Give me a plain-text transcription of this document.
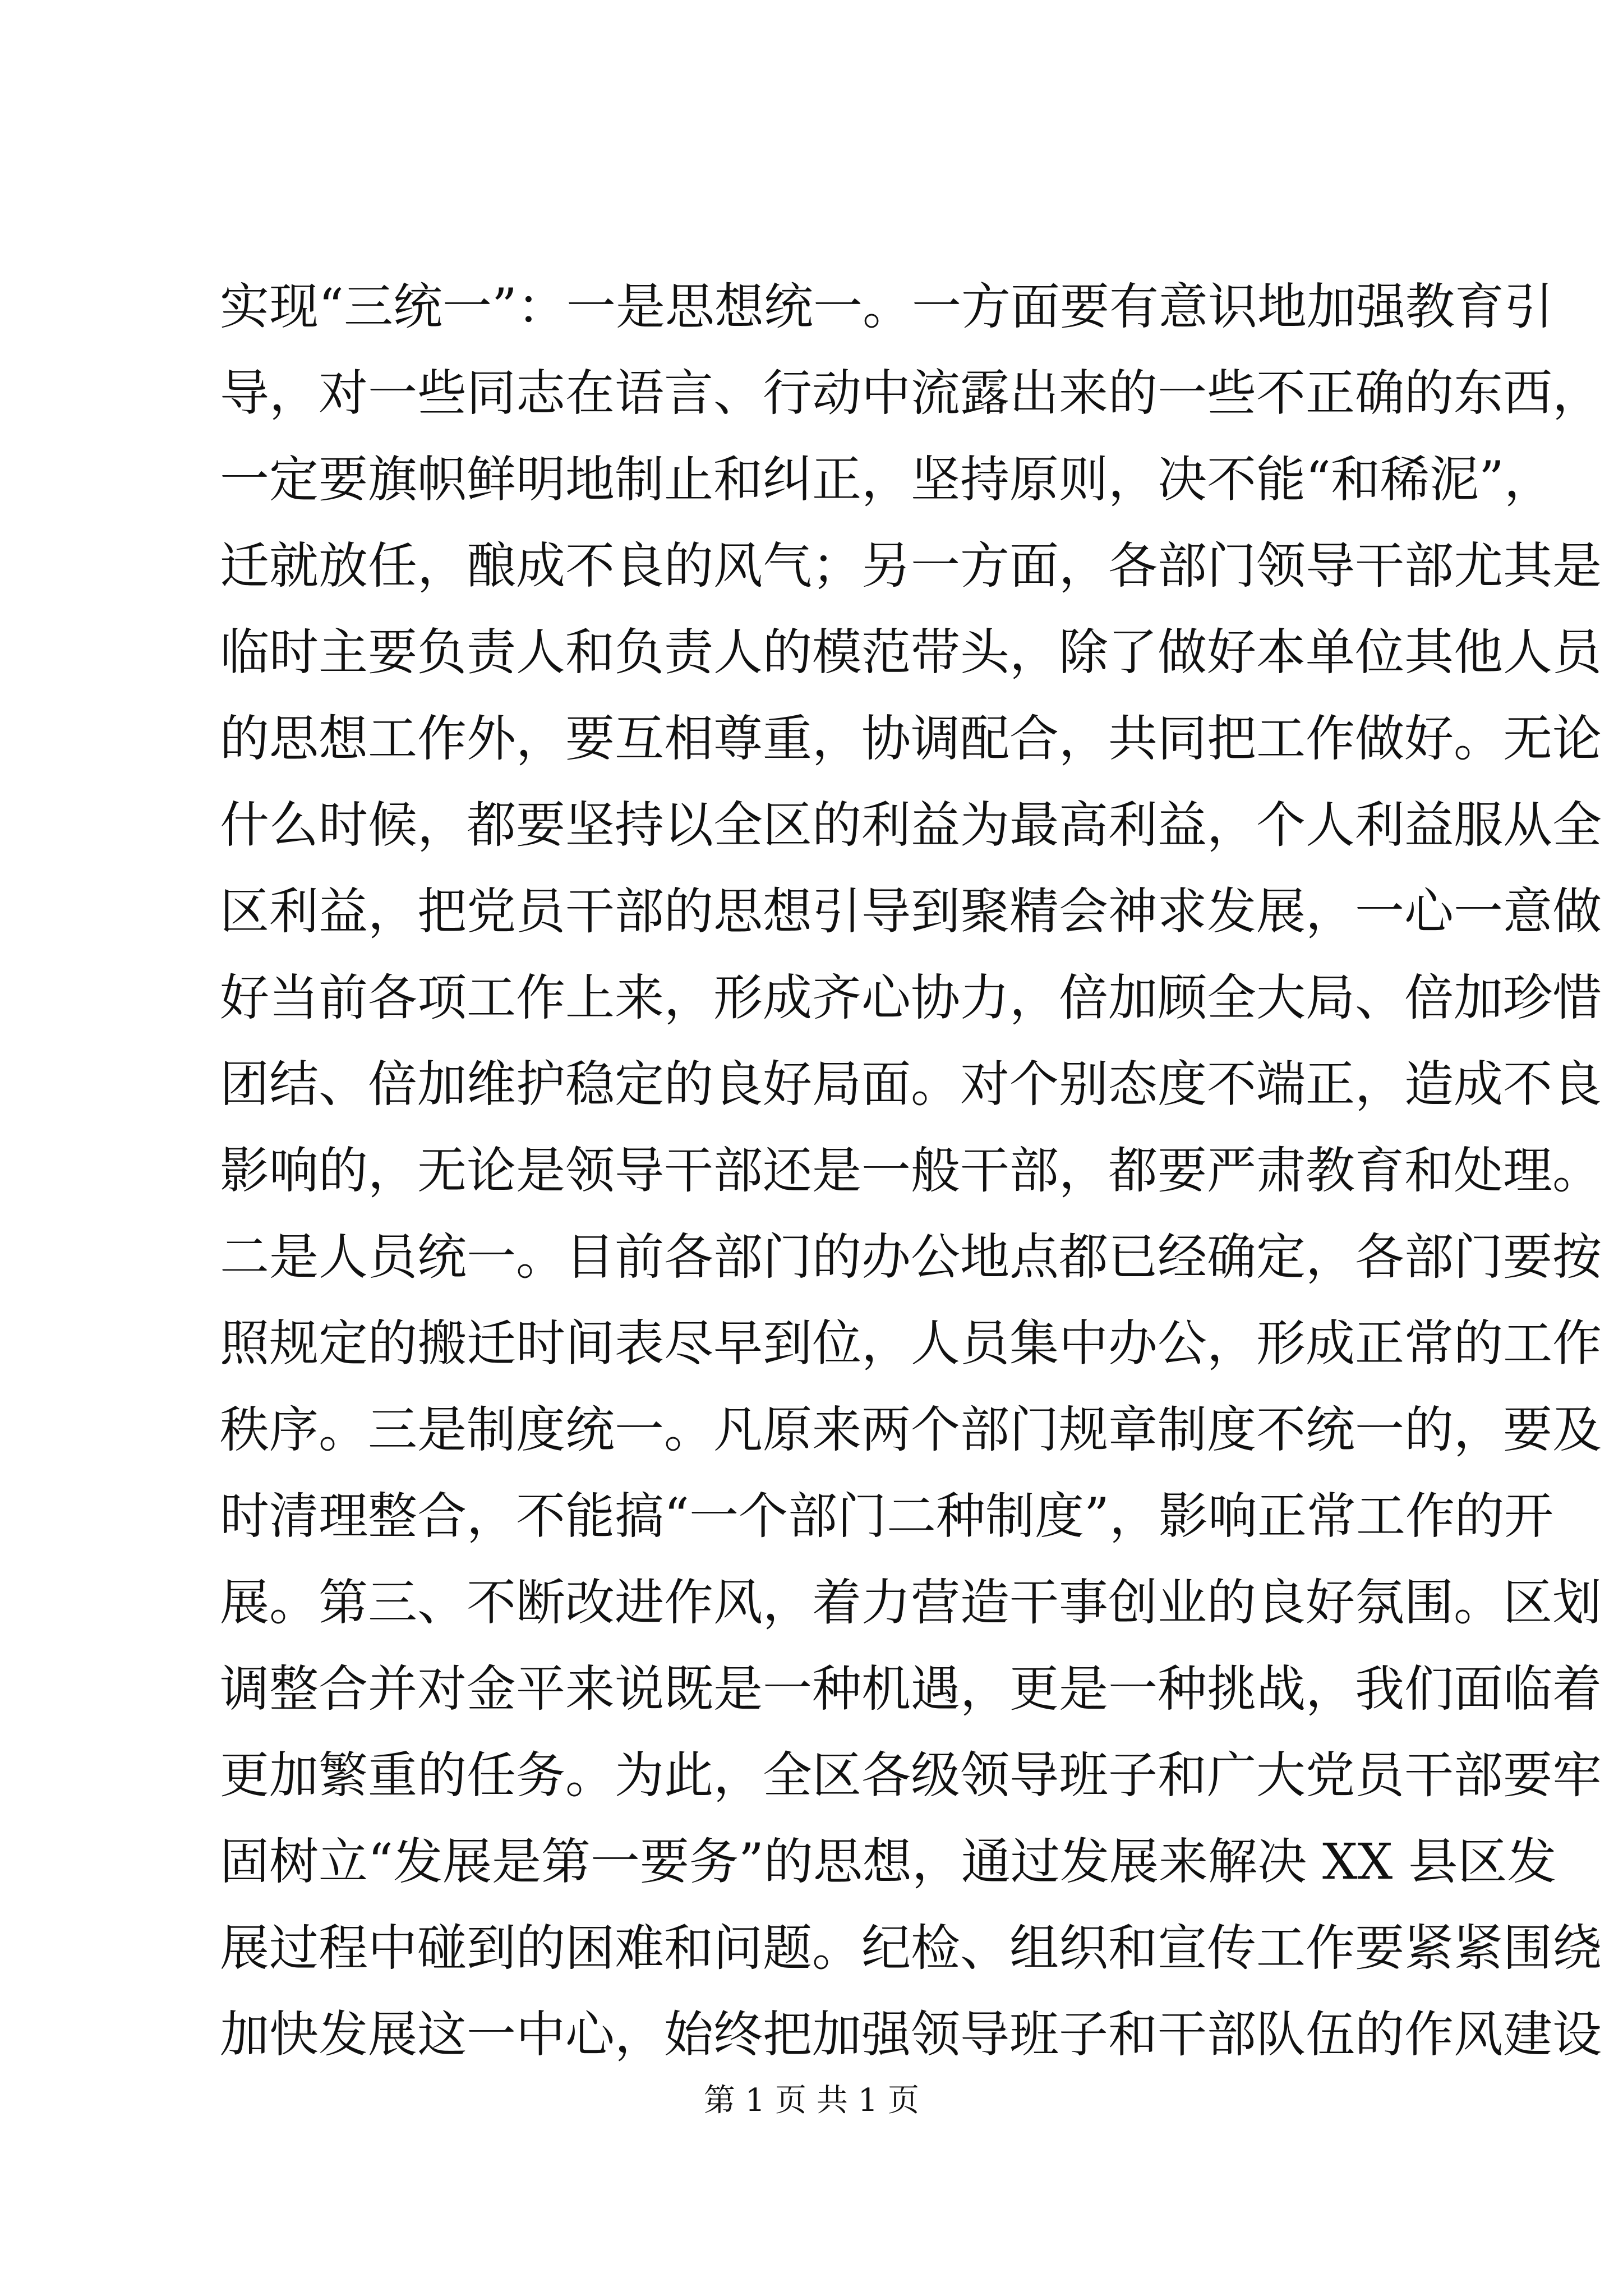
实现“三统一”：一是思想统一。一方面要有意识地加强教育引
导，对一些同志在语言、行动中流露出来的一些不正确的东西，
一定要旗帜鲜明地制止和纠正，坚持原则，决不能“和稀泥”，
迁就放任，酿成不良的风气；另一方面，各部门领导干部尤其是
临时主要负责人和负责人的模范带头，除了做好本单位其他人员
的思想工作外，要互相尊重，协调配合，共同把工作做好。无论
什么时候，都要坚持以全区的利益为最高利益，个人利益服从全
区利益，把党员干部的思想引导到聚精会神求发展，一心一意做
好当前各项工作上来，形成齐心协力，倍加顾全大局、倍加珍惜
团结、倍加维护稳定的良好局面。对个别态度不端正，造成不良
影响的，无论是领导干部还是一般干部，都要严肃教育和处理。
二是人员统一。目前各部门的办公地点都已经确定，各部门要按
照规定的搬迁时间表尽早到位，人员集中办公，形成正常的工作
秩序。三是制度统一。凡原来两个部门规章制度不统一的，要及
时清理整合，不能搞“一个部门二种制度”，影响正常工作的开
展。第三、不断改进作风，着力营造干事创业的良好氛围。区划
调整合并对金平来说既是一种机遇，更是一种挑战，我们面临着
更加繁重的任务。为此，全区各级领导班子和广大党员干部要牢
固树立“发展是第一要务”的思想，通过发展来解决 XX 县区发
展过程中碰到的困难和问题。纪检、组织和宣传工作要紧紧围绕
加快发展这一中心，始终把加强领导班子和干部队伍的作风建设
第 1 页 共 1 页
